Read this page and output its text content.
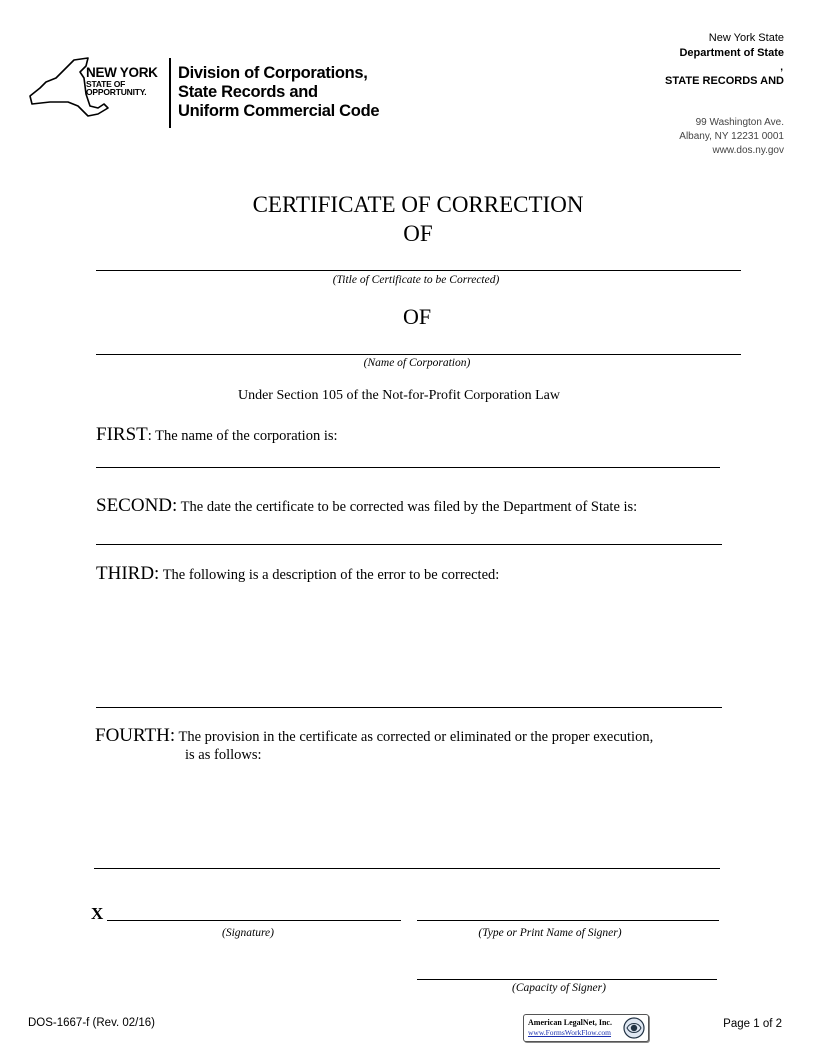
NEW YORK
STATE OF
OPPORTUNITY.
Division of Corporations,
State Records and
Uniform Commercial Code
New York State
Department of State
,
STATE RECORDS AND
99 Washington Ave.
Albany, NY 12231 0001
www.dos.ny.gov
CERTIFICATE OF CORRECTION
OF
(Title of Certificate to be Corrected)
OF
(Name of Corporation)
Under Section 105 of the Not-for-Profit Corporation Law
FIRST: The name of the corporation is:
SECOND: The date the certificate to be corrected was filed by the Department of State is:
THIRD: The following is a description of the error to be corrected:
FOURTH: The provision in the certificate as corrected or eliminated or the proper execution,
is as follows:
X
(Signature)	(Type or Print Name of Signer)
(Capacity of Signer)
DOS-1667-f (Rev. 02/16)	American LegalNet, Inc.
www.FormsWorkFlow.com
Page 1 of 2
